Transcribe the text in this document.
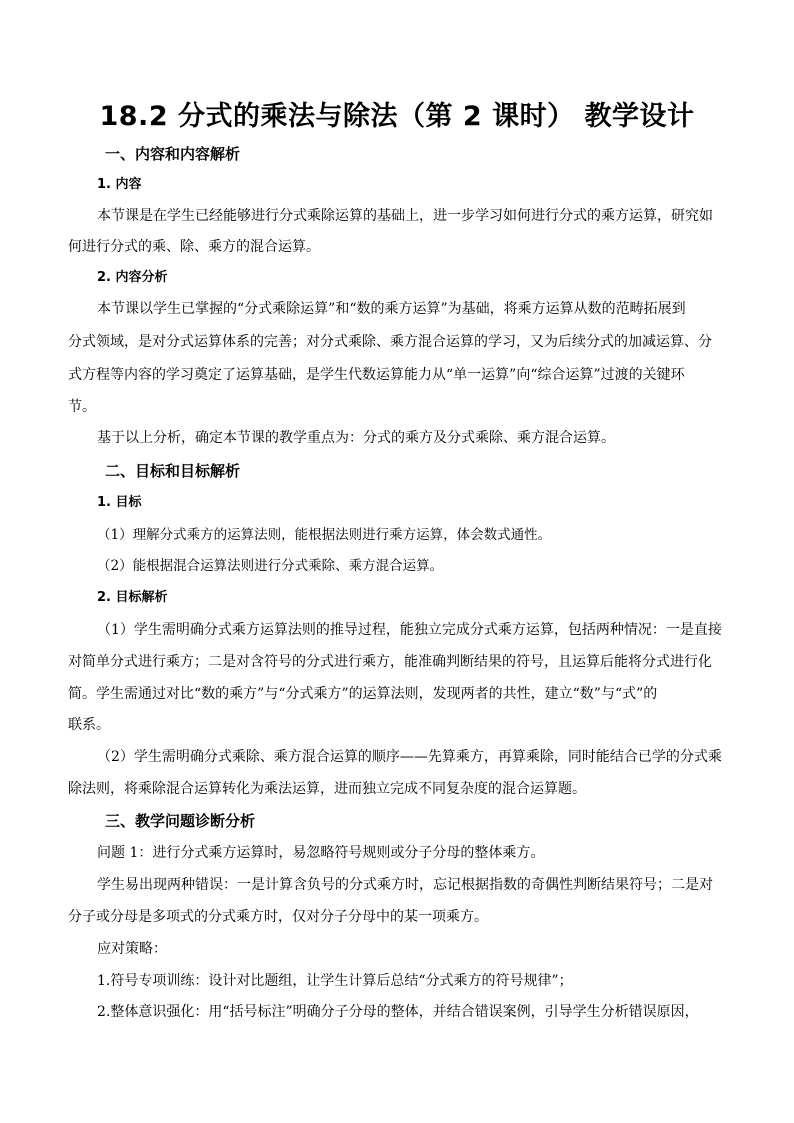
18.2 分式的乘法与除法（第 2 课时） 教学设计
一、内容和内容解析
1. 内容
本节课是在学生已经能够进行分式乘除运算的基础上，进一步学习如何进行分式的乘方运算，研究如
何进行分式的乘、除、乘方的混合运算。
2. 内容分析
本节课以学生已掌握的“分式乘除运算”和“数的乘方运算”为基础，将乘方运算从数的范畴拓展到
分式领域，是对分式运算体系的完善；对分式乘除、乘方混合运算的学习，又为后续分式的加减运算、分
式方程等内容的学习奠定了运算基础，是学生代数运算能力从“单一运算”向“综合运算”过渡的关键环
节。
基于以上分析，确定本节课的教学重点为：分式的乘方及分式乘除、乘方混合运算。
二、目标和目标解析
1. 目标
（1）理解分式乘方的运算法则，能根据法则进行乘方运算，体会数式通性。
（2）能根据混合运算法则进行分式乘除、乘方混合运算。
2. 目标解析
（1）学生需明确分式乘方运算法则的推导过程，能独立完成分式乘方运算，包括两种情况：一是直接
对简单分式进行乘方；二是对含符号的分式进行乘方，能准确判断结果的符号，且运算后能将分式进行化
简。学生需通过对比“数的乘方”与“分式乘方”的运算法则，发现两者的共性，建立“数”与“式”的
联系。
（2）学生需明确分式乘除、乘方混合运算的顺序——先算乘方，再算乘除，同时能结合已学的分式乘
除法则，将乘除混合运算转化为乘法运算，进而独立完成不同复杂度的混合运算题。
三、教学问题诊断分析
问题 1：进行分式乘方运算时，易忽略符号规则或分子分母的整体乘方。
学生易出现两种错误：一是计算含负号的分式乘方时，忘记根据指数的奇偶性判断结果符号；二是对
分子或分母是多项式的分式乘方时，仅对分子分母中的某一项乘方。
应对策略：
1.符号专项训练：设计对比题组，让学生计算后总结“分式乘方的符号规律”；
2.整体意识强化：用“括号标注”明确分子分母的整体，并结合错误案例，引导学生分析错误原因，
